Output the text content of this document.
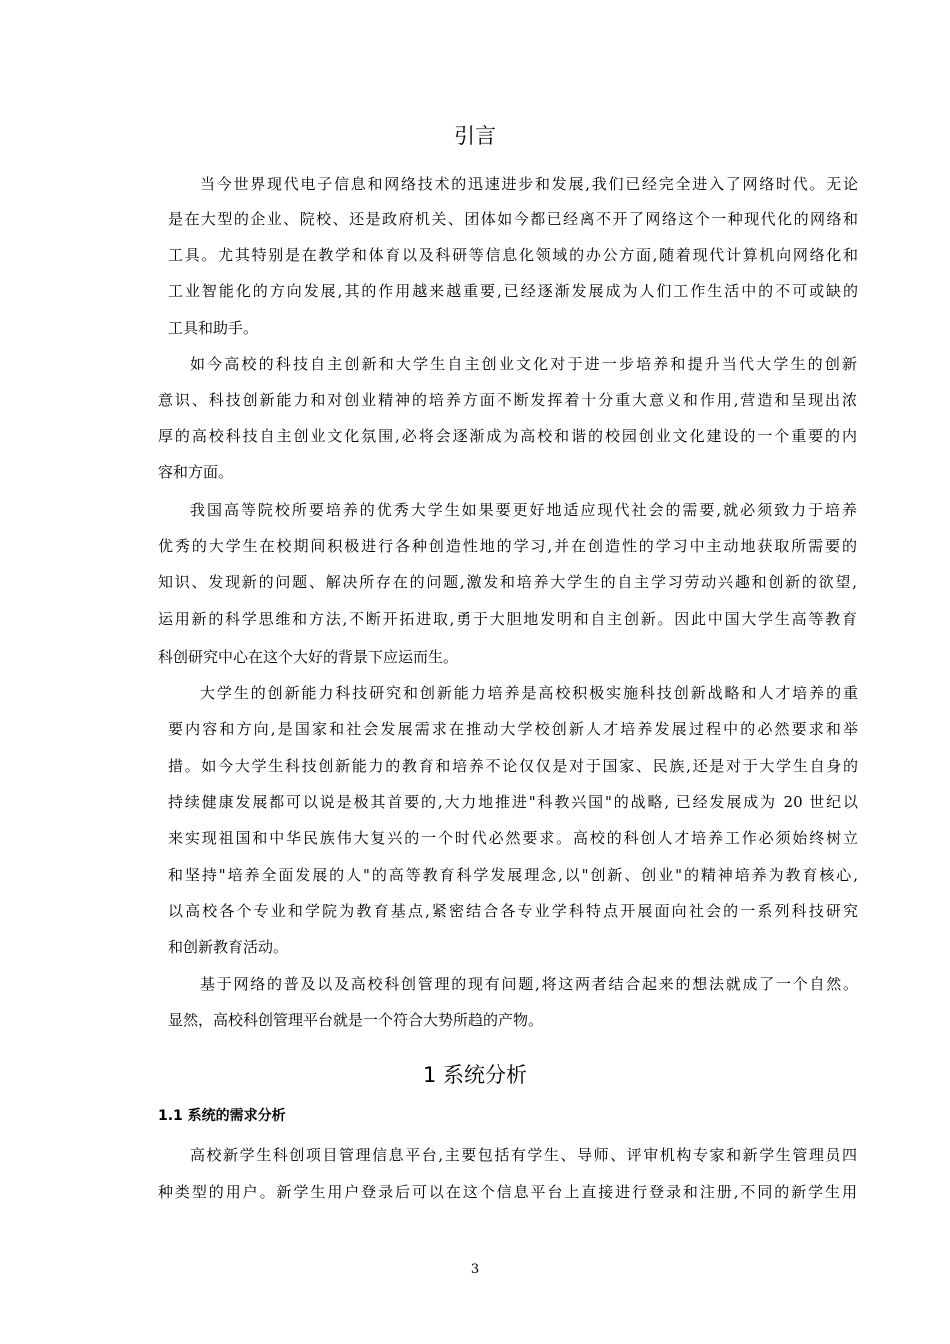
引言
当今世界现代电子信息和网络技术的迅速进步和发展,我们已经完全进入了网络时代。无论
是在大型的企业、院校、还是政府机关、团体如今都已经离不开了网络这个一种现代化的网络和
工具。尤其特别是在教学和体育以及科研等信息化领域的办公方面,随着现代计算机向网络化和
工业智能化的方向发展,其的作用越来越重要,已经逐渐发展成为人们工作生活中的不可或缺的
工具和助手。
如今高校的科技自主创新和大学生自主创业文化对于进一步培养和提升当代大学生的创新
意识、科技创新能力和对创业精神的培养方面不断发挥着十分重大意义和作用,营造和呈现出浓
厚的高校科技自主创业文化氛围,必将会逐渐成为高校和谐的校园创业文化建设的一个重要的内
容和方面。
我国高等院校所要培养的优秀大学生如果要更好地适应现代社会的需要,就必须致力于培养
优秀的大学生在校期间积极进行各种创造性地的学习,并在创造性的学习中主动地获取所需要的
知识、发现新的问题、解决所存在的问题,激发和培养大学生的自主学习劳动兴趣和创新的欲望,
运用新的科学思维和方法,不断开拓进取,勇于大胆地发明和自主创新。因此中国大学生高等教育
科创研究中心在这个大好的背景下应运而生。
大学生的创新能力科技研究和创新能力培养是高校积极实施科技创新战略和人才培养的重
要内容和方向,是国家和社会发展需求在推动大学校创新人才培养发展过程中的必然要求和举
措。如今大学生科技创新能力的教育和培养不论仅仅是对于国家、民族,还是对于大学生自身的
持续健康发展都可以说是极其首要的,大力地推进"科教兴国"的战略, 已经发展成为 20 世纪以
来实现祖国和中华民族伟大复兴的一个时代必然要求。高校的科创人才培养工作必须始终树立
和坚持"培养全面发展的人"的高等教育科学发展理念,以"创新、创业"的精神培养为教育核心,
以高校各个专业和学院为教育基点,紧密结合各专业学科特点开展面向社会的一系列科技研究
和创新教育活动。
基于网络的普及以及高校科创管理的现有问题,将这两者结合起来的想法就成了一个自然。
显然，高校科创管理平台就是一个符合大势所趋的产物。
1 系统分析
1.1 系统的需求分析
高校新学生科创项目管理信息平台,主要包括有学生、导师、评审机构专家和新学生管理员四
种类型的用户。新学生用户登录后可以在这个信息平台上直接进行登录和注册,不同的新学生用
3
